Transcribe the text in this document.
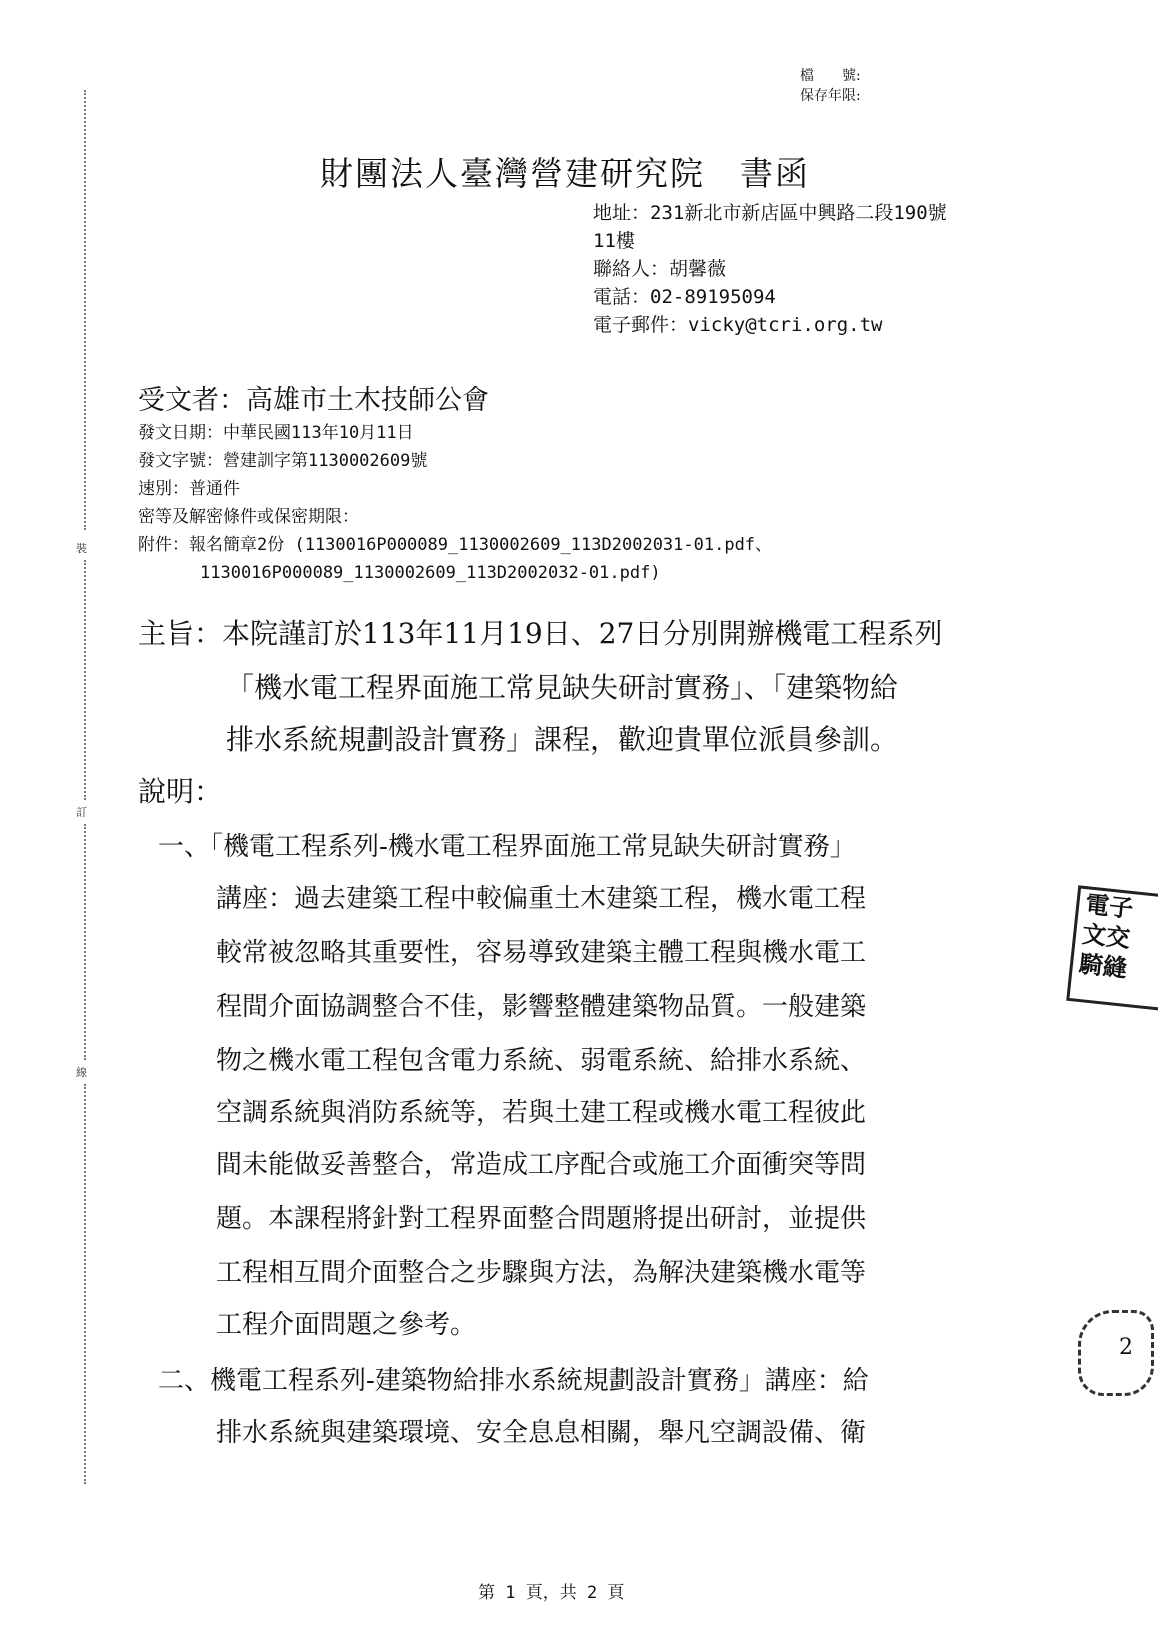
裝
訂
線
檔　　號:
保存年限:
財團法人臺灣營建研究院　書函
地址：231新北市新店區中興路二段190號
11樓
聯絡人：胡馨薇
電話：02-89195094
電子郵件：vicky@tcri.org.tw
受文者：高雄市土木技師公會
發文日期：中華民國113年10月11日
發文字號：營建訓字第1130002609號
速別：普通件
密等及解密條件或保密期限：
附件：報名簡章2份 (1130016P000089_1130002609_113D2002031-01.pdf、
1130016P000089_1130002609_113D2002032-01.pdf)
主旨：本院謹訂於113年11月19日、27日分別開辦機電工程系列
「機水電工程界面施工常見缺失研討實務」、「建築物給
排水系統規劃設計實務」課程，歡迎貴單位派員參訓。
說明：
一、「機電工程系列-機水電工程界面施工常見缺失研討實務」
講座：過去建築工程中較偏重土木建築工程，機水電工程
較常被忽略其重要性，容易導致建築主體工程與機水電工
程間介面協調整合不佳，影響整體建築物品質。一般建築
物之機水電工程包含電力系統、弱電系統、給排水系統、
空調系統與消防系統等，若與土建工程或機水電工程彼此
間未能做妥善整合，常造成工序配合或施工介面衝突等問
題。本課程將針對工程界面整合問題將提出研討，並提供
工程相互間介面整合之步驟與方法，為解決建築機水電等
工程介面問題之參考。
二、機電工程系列-建築物給排水系統規劃設計實務」講座：給
排水系統與建築環境、安全息息相關，舉凡空調設備、衛
電子
文交
騎縫
2
第 1 頁，共 2 頁
